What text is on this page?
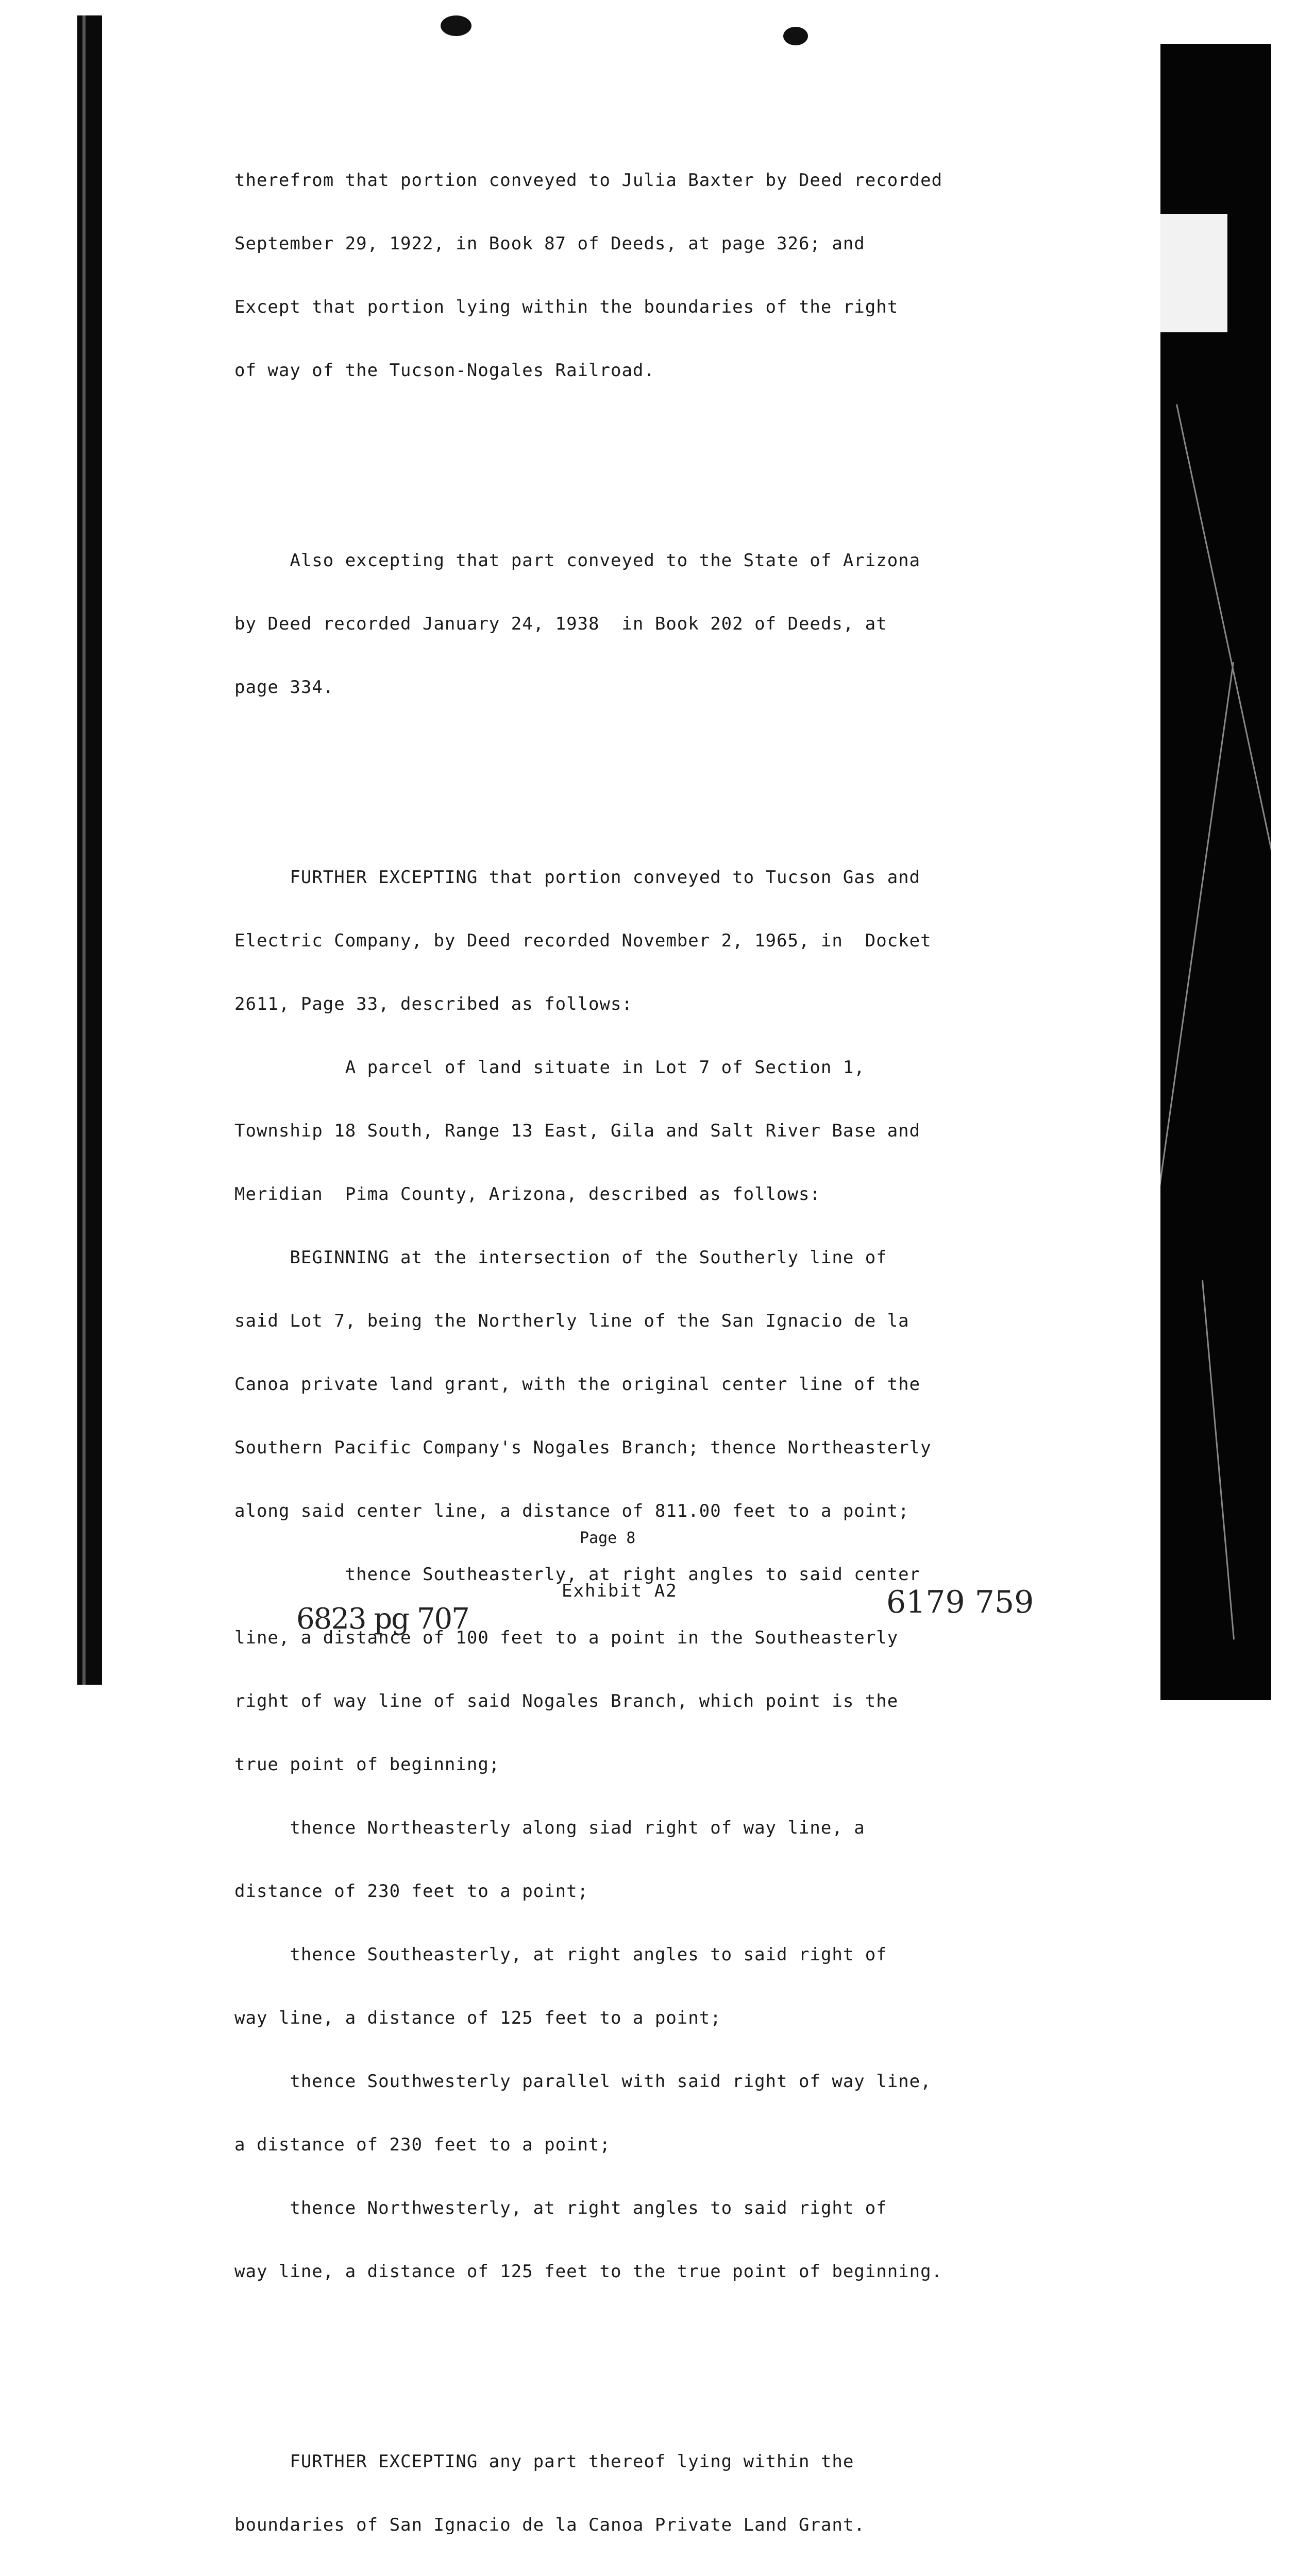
therefrom that portion conveyed to Julia Baxter by Deed recorded

September 29, 1922, in Book 87 of Deeds, at page 326; and

Except that portion lying within the boundaries of the right

of way of the Tucson-Nogales Railroad.

Also excepting that part conveyed to the State of Arizona

by Deed recorded January 24, 1938  in Book 202 of Deeds, at

page 334.

FURTHER EXCEPTING that portion conveyed to Tucson Gas and

Electric Company, by Deed recorded November 2, 1965, in  Docket

2611, Page 33, described as follows:

A parcel of land situate in Lot 7 of Section 1,

Township 18 South, Range 13 East, Gila and Salt River Base and

Meridian  Pima County, Arizona, described as follows:

BEGINNING at the intersection of the Southerly line of

said Lot 7, being the Northerly line of the San Ignacio de la

Canoa private land grant, with the original center line of the

Southern Pacific Company's Nogales Branch; thence Northeasterly

along said center line, a distance of 811.00 feet to a point;

thence Southeasterly, at right angles to said center

line, a distance of 100 feet to a point in the Southeasterly

right of way line of said Nogales Branch, which point is the

true point of beginning;

thence Northeasterly along siad right of way line, a

distance of 230 feet to a point;

thence Southeasterly, at right angles to said right of

way line, a distance of 125 feet to a point;

thence Southwesterly parallel with said right of way line,

a distance of 230 feet to a point;

thence Northwesterly, at right angles to said right of

way line, a distance of 125 feet to the true point of beginning.

FURTHER EXCEPTING any part thereof lying within the

boundaries of San Ignacio de la Canoa Private Land Grant.

Page 8
Exhibit A2
6823 pg 707	6179 759
